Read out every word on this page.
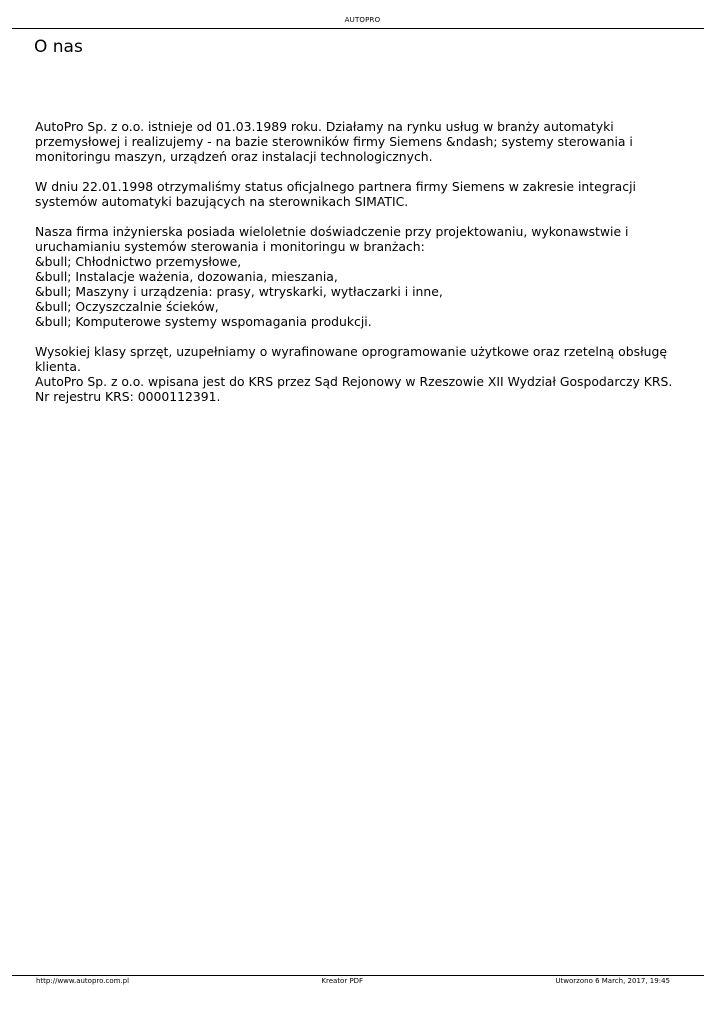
AUTOPRO
O nas

AutoPro Sp. z o.o. istnieje od 01.03.1989 roku. Działamy na rynku usług w branży automatyki
przemysłowej i realizujemy - na bazie sterowników firmy Siemens &ndash; systemy sterowania i
monitoringu maszyn, urządzeń oraz instalacji technologicznych.

W dniu 22.01.1998 otrzymaliśmy status oficjalnego partnera firmy Siemens w zakresie integracji
systemów automatyki bazujących na sterownikach SIMATIC.

Nasza firma inżynierska posiada wieloletnie doświadczenie przy projektowaniu, wykonawstwie i
uruchamianiu systemów sterowania i monitoringu w branżach:
&bull; Chłodnictwo przemysłowe,
&bull; Instalacje ważenia, dozowania, mieszania,
&bull; Maszyny i urządzenia: prasy, wtryskarki, wytłaczarki i inne,
&bull; Oczyszczalnie ścieków,
&bull; Komputerowe systemy wspomagania produkcji.

Wysokiej klasy sprzęt, uzupełniamy o wyrafinowane oprogramowanie użytkowe oraz rzetelną obsługę
klienta.
AutoPro Sp. z o.o. wpisana jest do KRS przez Sąd Rejonowy w Rzeszowie XII Wydział Gospodarczy KRS.
Nr rejestru KRS: 0000112391.

http://www.autopro.com.pl	Kreator PDF	Utworzono 6 March, 2017, 19:45
